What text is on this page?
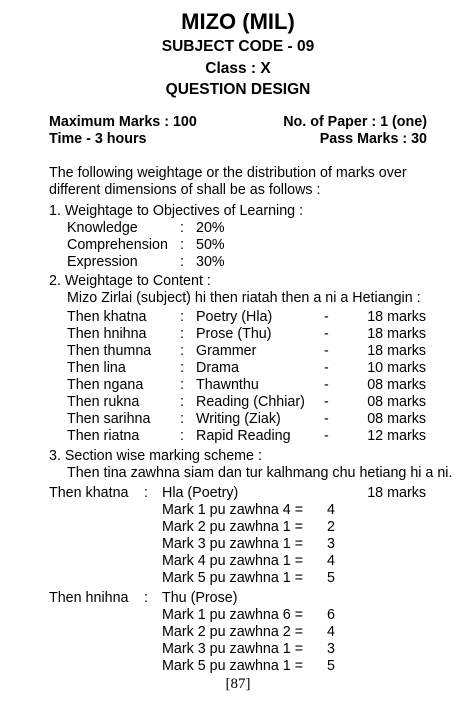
MIZO (MIL)
SUBJECT CODE - 09
Class : X
QUESTION DESIGN
Maximum Marks : 100	No. of Paper : 1 (one)
Time - 3 hours	Pass Marks : 30
The following weightage or the distribution of marks over
different dimensions of shall be as follows :
1. Weightage to Objectives of Learning :
Knowledge	: 20%
Comprehension : 50%
Expression	: 30%
2. Weightage to Content :
Mizo Zirlai (subject) hi then riatah then a ni a Hetiangin :
Then khatna : Poetry (Hla)	-	18 marks
Then hnihna : Prose (Thu)	-	18 marks
Then thumna : Grammer	-	18 marks
Then lina	: Drama	-	10 marks
Then ngana	: Thawnthu	-	08 marks
Then rukna	: Reading (Chhiar) -	08 marks
Then sarihna : Writing (Ziak)	-	08 marks
Then riatna	: Rapid Reading -	12 marks
3. Section wise marking scheme :
Then tina zawhna siam dan tur kalhmang chu hetiang hi a ni.
Then khatna : Hla (Poetry)	18 marks
Mark 1 pu zawhna 4 = 4
Mark 2 pu zawhna 1 = 2
Mark 3 pu zawhna 1 = 3
Mark 4 pu zawhna 1 = 4
Mark 5 pu zawhna 1 = 5
Then hnihna : Thu (Prose)
Mark 1 pu zawhna 6 = 6
Mark 2 pu zawhna 2 = 4
Mark 3 pu zawhna 1 = 3
Mark 5 pu zawhna 1 = 5
[87]
